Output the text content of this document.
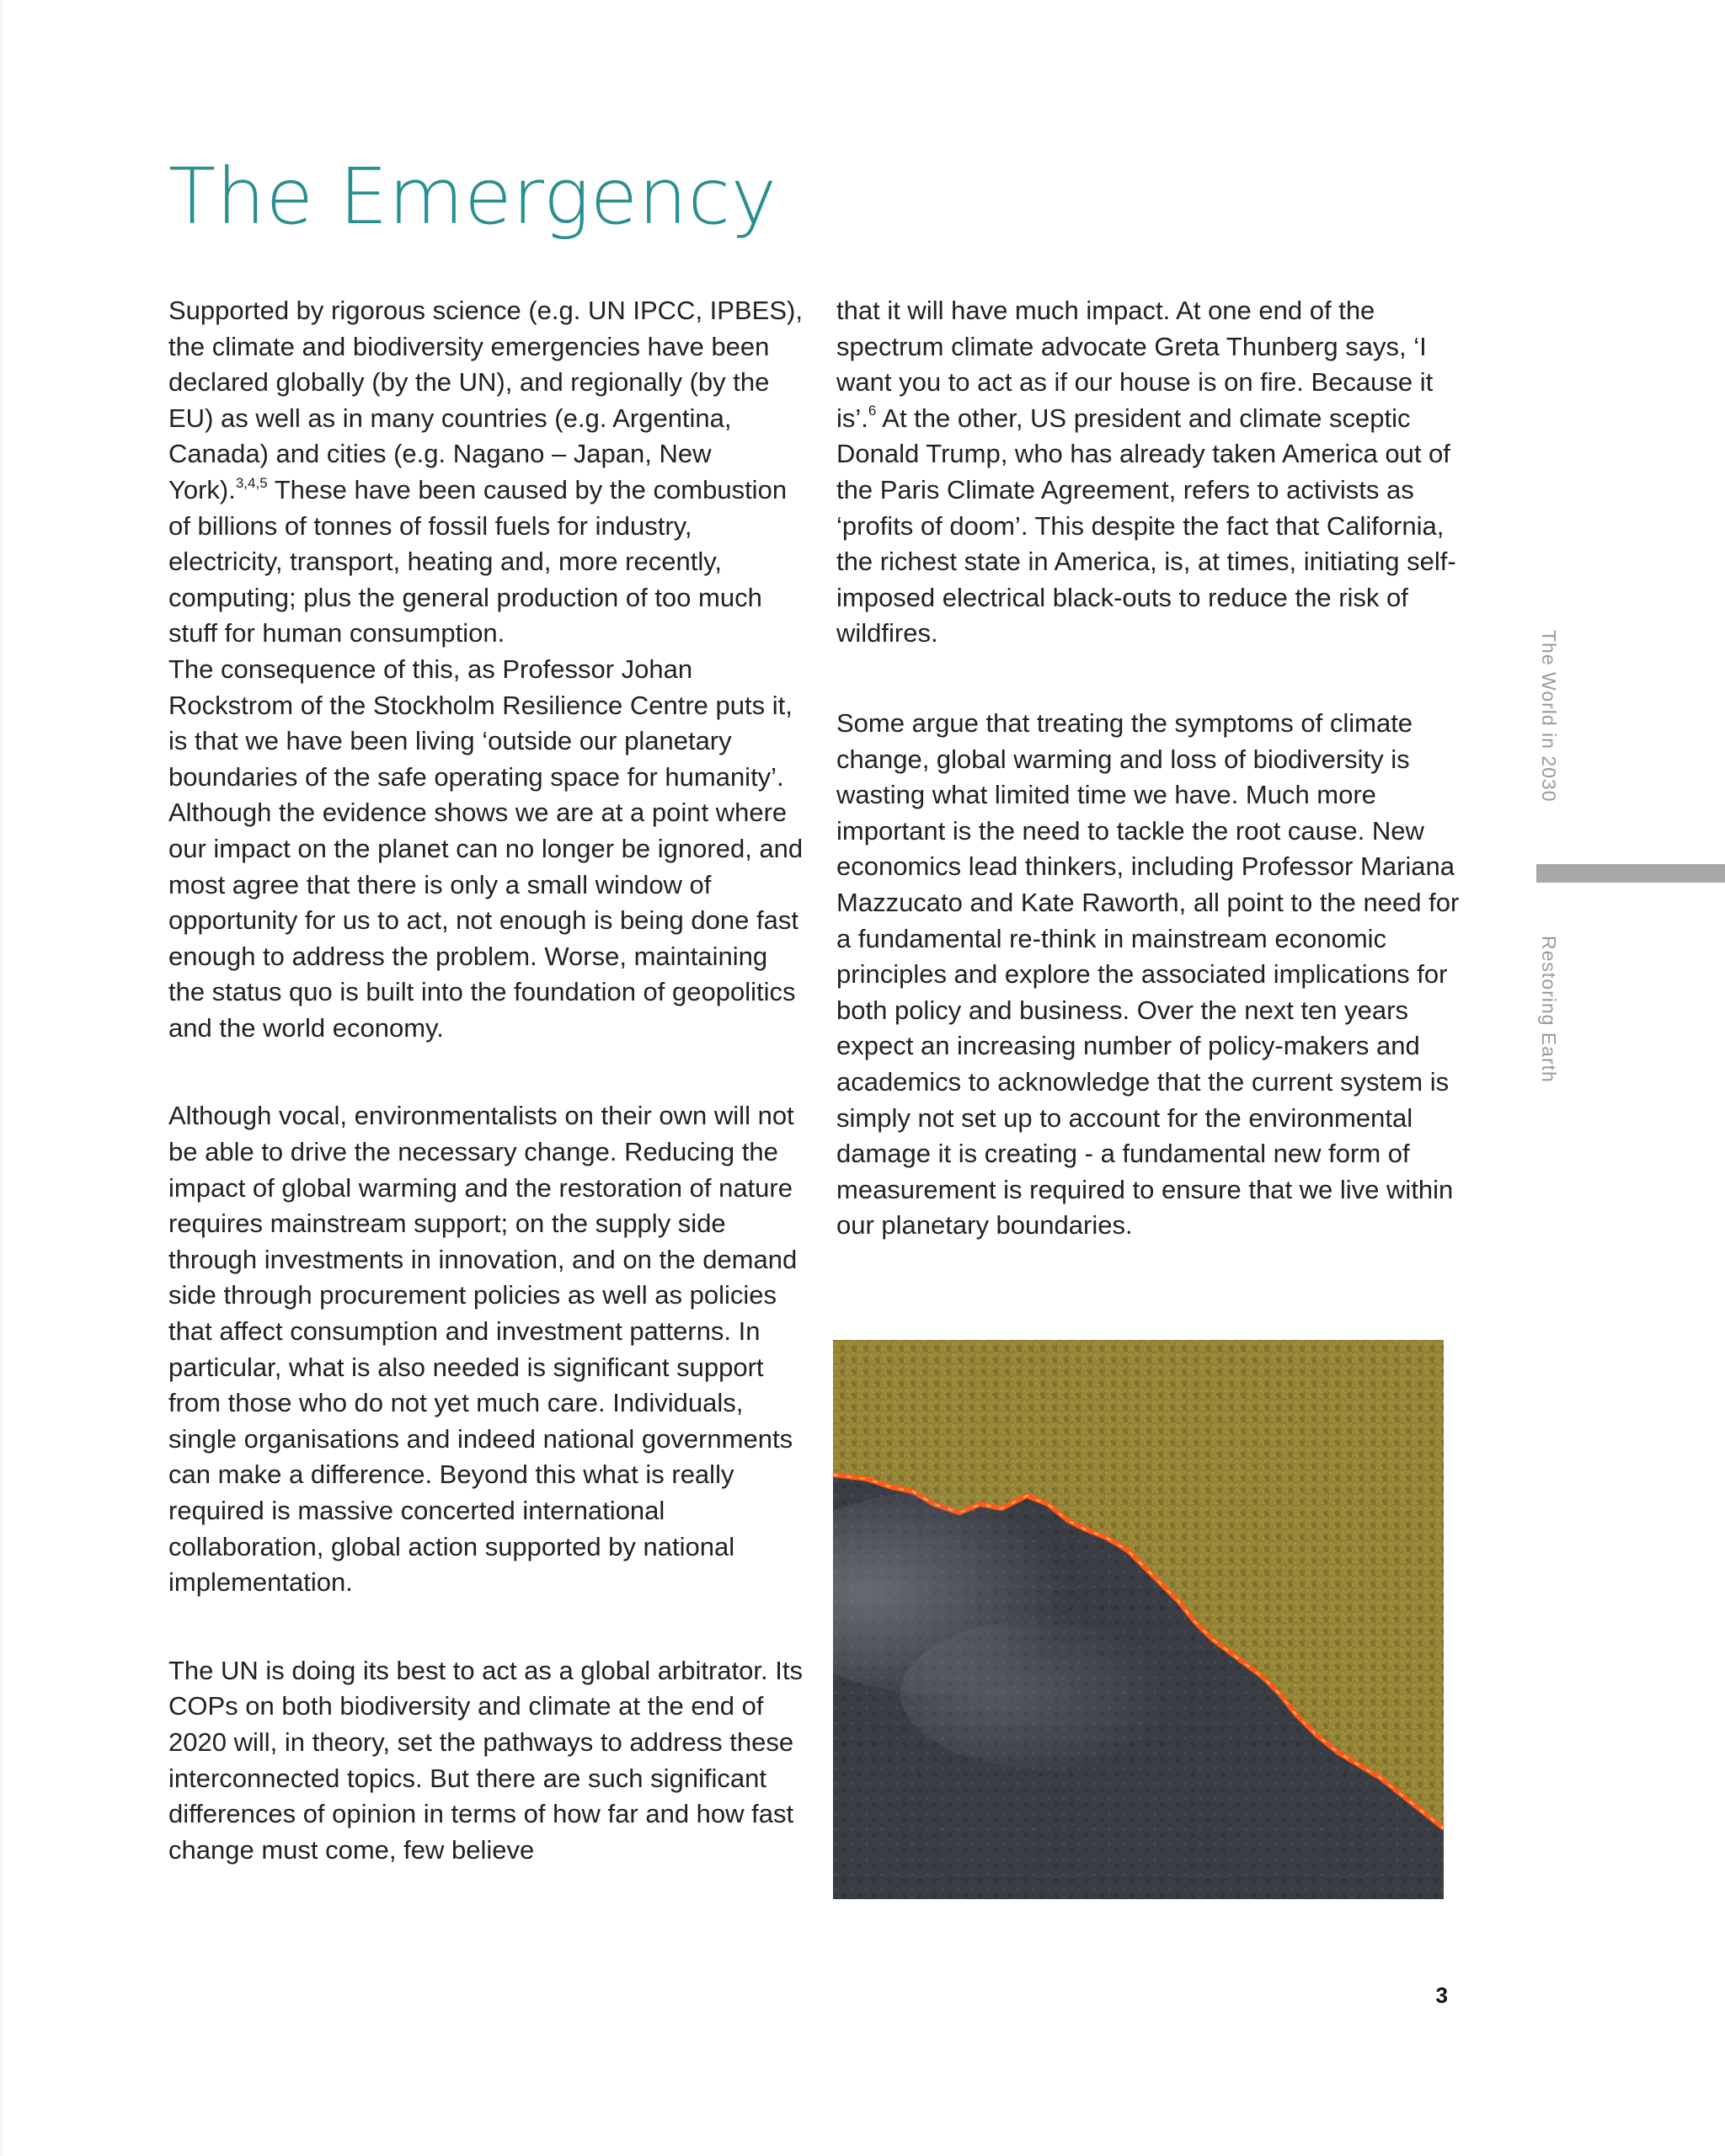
The Emergency

Supported by rigorous science (e.g. UN IPCC, IPBES), the climate and biodiversity emergencies have been declared globally (by the UN), and regionally (by the EU) as well as in many countries (e.g. Argentina, Canada) and cities (e.g. Nagano – Japan, New York).$^{3,4,5}$ These have been caused by the combustion of billions of tonnes of fossil fuels for industry, electricity, transport, heating and, more recently, computing; plus the general production of too much stuff for human consumption.

The consequence of this, as Professor Johan Rockstrom of the Stockholm Resilience Centre puts it, is that we have been living ‘outside our planetary boundaries of the safe operating space for humanity’. Although the evidence shows we are at a point where our impact on the planet can no longer be ignored, and most agree that there is only a small window of opportunity for us to act, not enough is being done fast enough to address the problem. Worse, maintaining the status quo is built into the foundation of geopolitics and the world economy.

Although vocal, environmentalists on their own will not be able to drive the necessary change. Reducing the impact of global warming and the restoration of nature requires mainstream support; on the supply side through investments in innovation, and on the demand side through procurement policies as well as policies that affect consumption and investment patterns. In particular, what is also needed is significant support from those who do not yet much care. Individuals, single organisations and indeed national governments can make a difference. Beyond this what is really required is massive concerted international collaboration, global action supported by national implementation.

The UN is doing its best to act as a global arbitrator. Its COPs on both biodiversity and climate at the end of 2020 will, in theory, set the pathways to address these interconnected topics. But there are such significant differences of opinion in terms of how far and how fast change must come, few believe

that it will have much impact. At one end of the spectrum climate advocate Greta Thunberg says, ‘I want you to act as if our house is on fire. Because it is’.$^6$ At the other, US president and climate sceptic Donald Trump, who has already taken America out of the Paris Climate Agreement, refers to activists as ‘profits of doom’. This despite the fact that California, the richest state in America, is, at times, initiating self-imposed electrical black-outs to reduce the risk of wildfires.

Some argue that treating the symptoms of climate change, global warming and loss of biodiversity is wasting what limited time we have. Much more important is the need to tackle the root cause. New economics lead thinkers, including Professor Mariana Mazzucato and Kate Raworth, all point to the need for a fundamental re-think in mainstream economic principles and explore the associated implications for both policy and business. Over the next ten years expect an increasing number of policy-makers and academics to acknowledge that the current system is simply not set up to account for the environmental damage it is creating - a fundamental new form of measurement is required to ensure that we live within our planetary boundaries.

The World in 2030
Restoring Earth
3
